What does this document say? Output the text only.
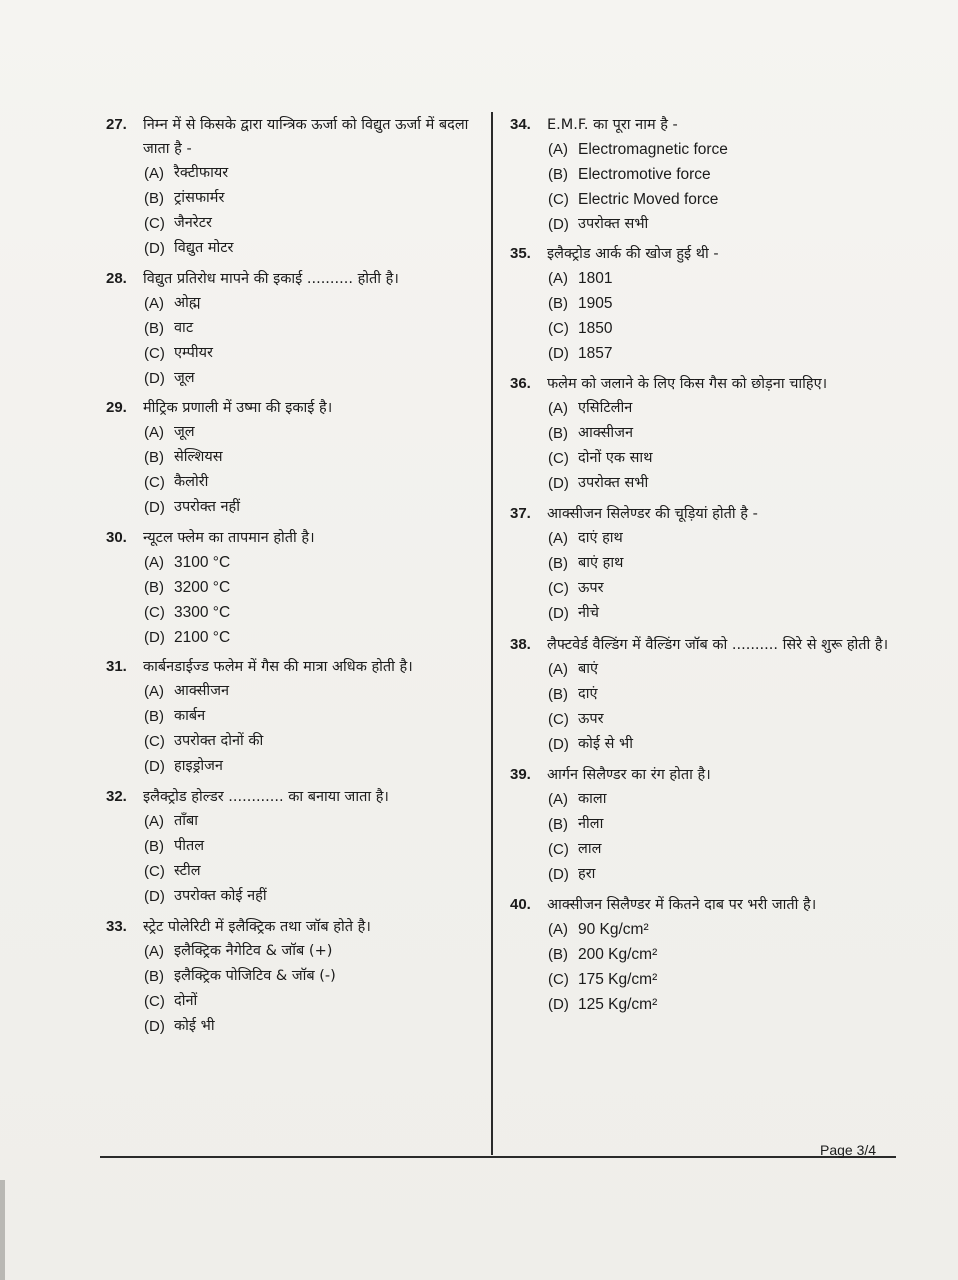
27.	निम्न में से किसके द्वारा यान्त्रिक ऊर्जा को विद्युत ऊर्जा में बदला जाता है -
(A) रैक्टीफायर
(B) ट्रांसफार्मर
(C) जैनरेटर
(D) विद्युत मोटर
28.	विद्युत प्रतिरोध मापने की इकाई .......... होती है।
(A) ओह्म
(B) वाट
(C) एम्पीयर
(D) जूल
29.	मीट्रिक प्रणाली में उष्मा की इकाई है।
(A) जूल
(B) सेल्शियस
(C) कैलोरी
(D) उपरोक्त नहीं
30.	न्यूटल फ्लेम का तापमान होती है।
(A) 3100 °C
(B) 3200 °C
(C) 3300 °C
(D) 2100 °C
31.	कार्बनडाईज्ड फलेम में गैस की मात्रा अधिक होती है।
(A) आक्सीजन
(B) कार्बन
(C) उपरोक्त दोनों की
(D) हाइड्रोजन
32.	इलैक्ट्रोड होल्डर ............ का बनाया जाता है।
(A) ताँबा
(B) पीतल
(C) स्टील
(D) उपरोक्त कोई नहीं
33.	स्ट्रेट पोलेरिटी में इलैक्ट्रिक तथा जॉब होते है।
(A) इलैक्ट्रिक नैगेटिव & जॉब (+)
(B) इलैक्ट्रिक पोजिटिव & जॉब (-)
(C) दोनों
(D) कोई भी
34.	E.M.F. का पूरा नाम है -
(A) Electromagnetic force
(B) Electromotive force
(C) Electric Moved force
(D) उपरोक्त सभी
35.	इलैक्ट्रोड आर्क की खोज हुई थी -
(A) 1801
(B) 1905
(C) 1850
(D) 1857
36.	फलेम को जलाने के लिए किस गैस को छोड़ना चाहिए।
(A) एसिटिलीन
(B) आक्सीजन
(C) दोनों एक साथ
(D) उपरोक्त सभी
37.	आक्सीजन सिलेण्डर की चूड़ियां होती है -
(A) दाएं हाथ
(B) बाएं हाथ
(C) ऊपर
(D) नीचे
38.	लैफ्टवेर्ड वैल्डिंग में वैल्डिंग जॉब को .......... सिरे से शुरू होती है।
(A) बाएं
(B) दाएं
(C) ऊपर
(D) कोई से भी
39.	आर्गन सिलैण्डर का रंग होता है।
(A) काला
(B) नीला
(C) लाल
(D) हरा
40.	आक्सीजन सिलैण्डर में कितने दाब पर भरी जाती है।
(A) 90 Kg/cm²
(B) 200 Kg/cm²
(C) 175 Kg/cm²
(D) 125 Kg/cm²
Page 3/4
